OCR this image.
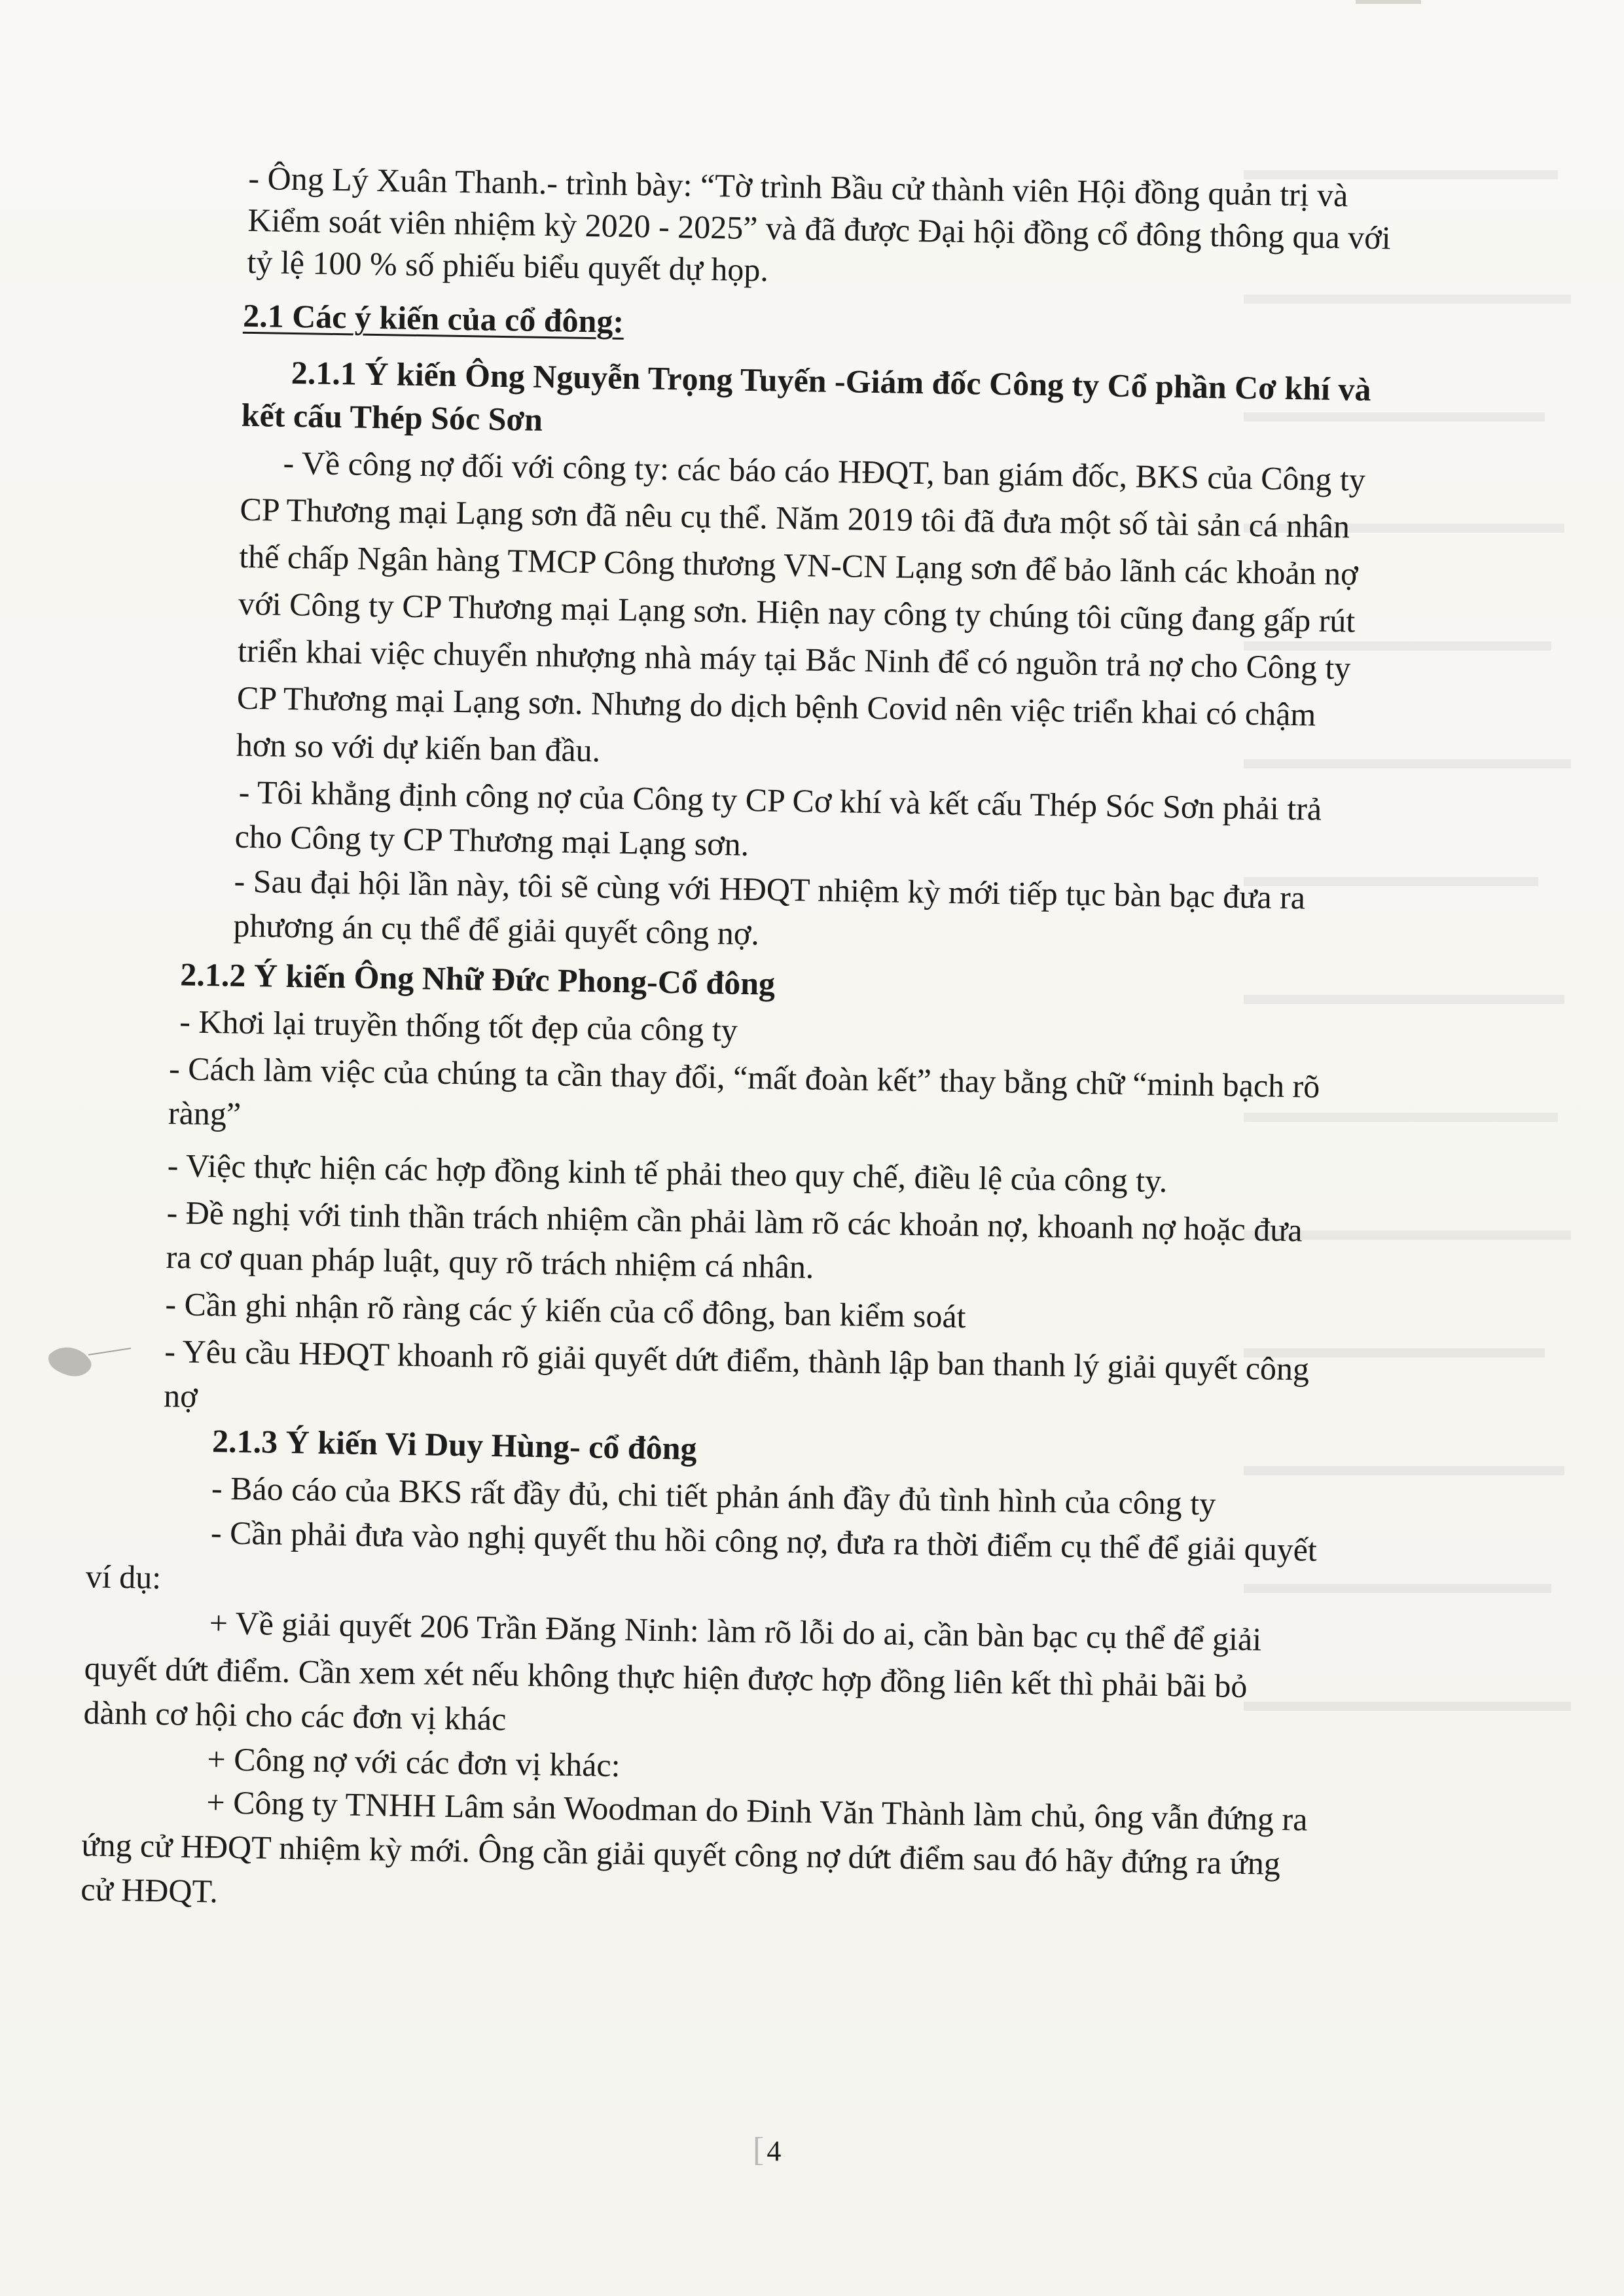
- Ông Lý Xuân Thanh.- trình bày: “Tờ trình Bầu cử thành viên Hội đồng quản trị và
Kiểm soát viên nhiệm kỳ 2020 - 2025” và đã được Đại hội đồng cổ đông thông qua với
tỷ lệ 100 % số phiếu biểu quyết dự họp.
2.1 Các ý kiến của cổ đông:
2.1.1 Ý kiến Ông Nguyễn Trọng Tuyến -Giám đốc Công ty Cổ phần Cơ khí và
kết cấu Thép Sóc Sơn
- Về công nợ đối với công ty: các báo cáo HĐQT, ban giám đốc, BKS của Công ty
CP Thương mại Lạng sơn đã nêu cụ thể. Năm 2019 tôi đã đưa một số tài sản cá nhân
thế chấp Ngân hàng TMCP Công thương VN-CN Lạng sơn để bảo lãnh các khoản nợ
với Công ty CP Thương mại Lạng sơn. Hiện nay công ty chúng tôi cũng đang gấp rút
triển khai việc chuyển nhượng nhà máy tại Bắc Ninh để có nguồn trả nợ cho Công ty
CP Thương mại Lạng sơn. Nhưng do dịch bệnh Covid nên việc triển khai có chậm
hơn so với dự kiến ban đầu.
- Tôi khẳng định công nợ của Công ty CP Cơ khí và kết cấu Thép Sóc Sơn phải trả
cho Công ty CP Thương mại Lạng sơn.
- Sau đại hội lần này, tôi sẽ cùng với HĐQT nhiệm kỳ mới tiếp tục bàn bạc đưa ra
phương án cụ thể để giải quyết công nợ.
2.1.2 Ý kiến Ông Nhữ Đức Phong-Cổ đông
- Khơi lại truyền thống tốt đẹp của công ty
- Cách làm việc của chúng ta cần thay đổi, “mất đoàn kết” thay bằng chữ “minh bạch rõ
ràng”
- Việc thực hiện các hợp đồng kinh tế phải theo quy chế, điều lệ của công ty.
- Đề nghị với tinh thần trách nhiệm cần phải làm rõ các khoản nợ, khoanh nợ hoặc đưa
ra cơ quan pháp luật, quy rõ trách nhiệm cá nhân.
- Cần ghi nhận rõ ràng các ý kiến của cổ đông, ban kiểm soát
- Yêu cầu HĐQT khoanh rõ giải quyết dứt điểm, thành lập ban thanh lý giải quyết công
nợ
2.1.3 Ý kiến Vi Duy Hùng- cổ đông
- Báo cáo của BKS rất đầy đủ, chi tiết phản ánh đầy đủ tình hình của công ty
- Cần phải đưa vào nghị quyết thu hồi công nợ, đưa ra thời điểm cụ thể để giải quyết
ví dụ:
+ Về giải quyết 206 Trần Đăng Ninh: làm rõ lỗi do ai, cần bàn bạc cụ thể để giải
quyết dứt điểm. Cần xem xét nếu không thực hiện được hợp đồng liên kết thì phải bãi bỏ
dành cơ hội cho các đơn vị khác
+ Công nợ với các đơn vị khác:
+ Công ty TNHH Lâm sản Woodman do Đinh Văn Thành làm chủ, ông vẫn đứng ra
ứng cử HĐQT nhiệm kỳ mới. Ông cần giải quyết công nợ dứt điểm sau đó hãy đứng ra ứng
cử HĐQT.
[4
